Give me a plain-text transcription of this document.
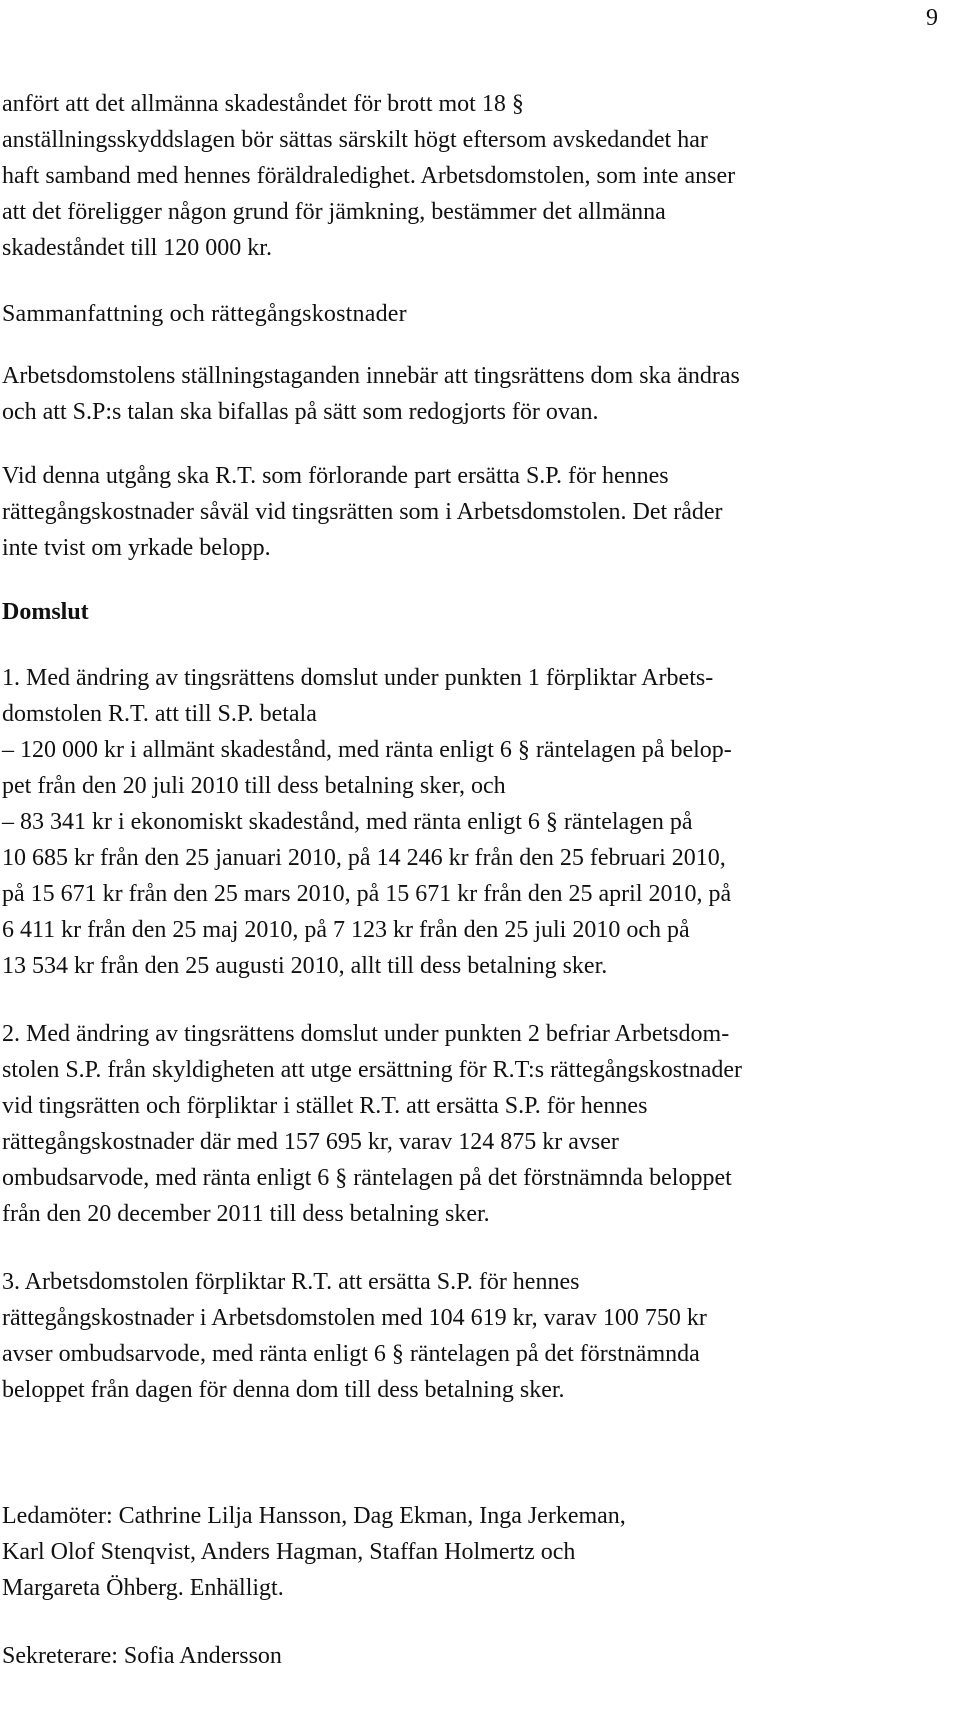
9

anfört att det allmänna skadeståndet för brott mot 18 §
anställningsskyddslagen bör sättas särskilt högt eftersom avskedandet har
haft samband med hennes föräldraledighet. Arbetsdomstolen, som inte anser
att det föreligger någon grund för jämkning, bestämmer det allmänna
skadeståndet till 120 000 kr.

Sammanfattning och rättegångskostnader

Arbetsdomstolens ställningstaganden innebär att tingsrättens dom ska ändras
och att S.P:s talan ska bifallas på sätt som redogjorts för ovan.

Vid denna utgång ska R.T. som förlorande part ersätta S.P. för hennes
rättegångskostnader såväl vid tingsrätten som i Arbetsdomstolen. Det råder
inte tvist om yrkade belopp.

Domslut

1. Med ändring av tingsrättens domslut under punkten 1 förpliktar Arbets-
domstolen R.T. att till S.P. betala
– 120 000 kr i allmänt skadestånd, med ränta enligt 6 § räntelagen på belop-
pet från den 20 juli 2010 till dess betalning sker, och
– 83 341 kr i ekonomiskt skadestånd, med ränta enligt 6 § räntelagen på
10 685 kr från den 25 januari 2010, på 14 246 kr från den 25 februari 2010,
på 15 671 kr från den 25 mars 2010, på 15 671 kr från den 25 april 2010, på
6 411 kr från den 25 maj 2010, på 7 123 kr från den 25 juli 2010 och på
13 534 kr från den 25 augusti 2010, allt till dess betalning sker.

2. Med ändring av tingsrättens domslut under punkten 2 befriar Arbetsdom-
stolen S.P. från skyldigheten att utge ersättning för R.T:s rättegångskostnader
vid tingsrätten och förpliktar i stället R.T. att ersätta S.P. för hennes
rättegångskostnader där med 157 695 kr, varav 124 875 kr avser
ombudsarvode, med ränta enligt 6 § räntelagen på det förstnämnda beloppet
från den 20 december 2011 till dess betalning sker.

3. Arbetsdomstolen förpliktar R.T. att ersätta S.P. för hennes
rättegångskostnader i Arbetsdomstolen med 104 619 kr, varav 100 750 kr
avser ombudsarvode, med ränta enligt 6 § räntelagen på det förstnämnda
beloppet från dagen för denna dom till dess betalning sker.

Ledamöter: Cathrine Lilja Hansson, Dag Ekman, Inga Jerkeman,
Karl Olof Stenqvist, Anders Hagman, Staffan Holmertz och
Margareta Öhberg. Enhälligt.

Sekreterare: Sofia Andersson
